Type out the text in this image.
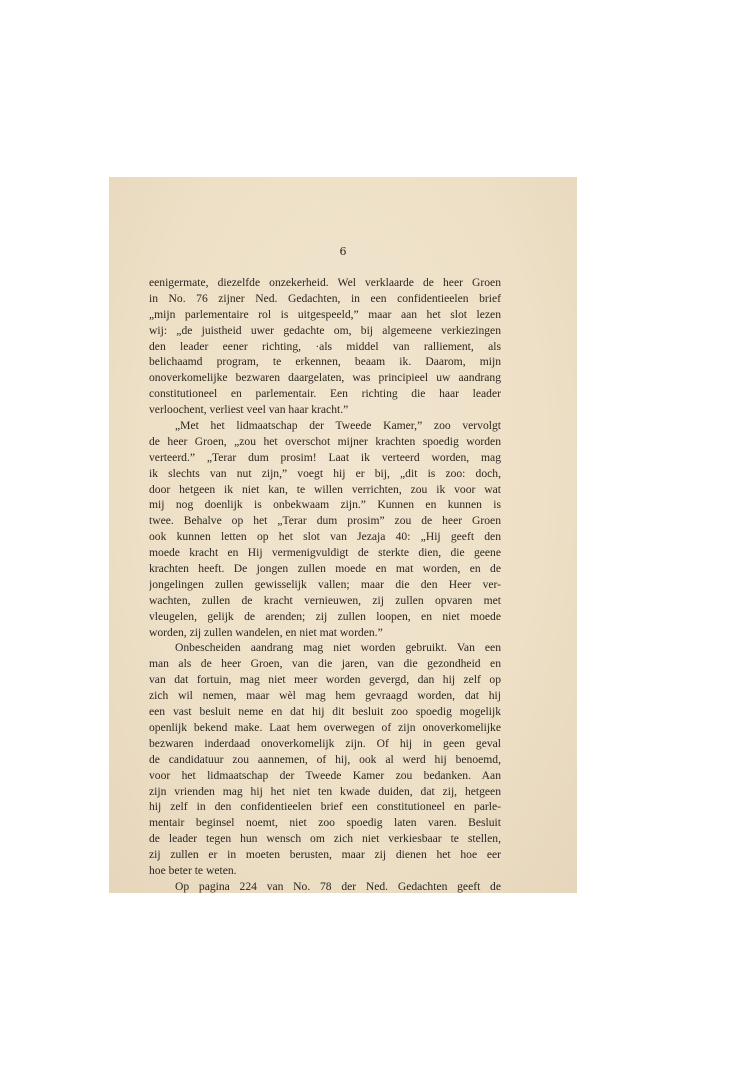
6
eenigermate, diezelfde onzekerheid. Wel verklaarde de heer Groen
in No. 76 zijner Ned. Gedachten, in een confidentieelen brief
„mijn parlementaire rol is uitgespeeld,” maar aan het slot lezen
wij: „de juistheid uwer gedachte om, bij algemeene verkiezingen
den leader eener richting, ·als middel van ralliement, als
belichaamd program, te erkennen, beaam ik. Daarom, mijn
onoverkomelijke bezwaren daargelaten, was principieel uw aandrang
constitutioneel en parlementair. Een richting die haar leader
verloochent, verliest veel van haar kracht.”
„Met het lidmaatschap der Tweede Kamer,” zoo vervolgt
de heer Groen, „zou het overschot mijner krachten spoedig worden
verteerd.” „Terar dum prosim! Laat ik verteerd worden, mag
ik slechts van nut zijn,” voegt hij er bij, „dit is zoo: doch,
door hetgeen ik niet kan, te willen verrichten, zou ik voor wat
mij nog doenlijk is onbekwaam zijn.” Kunnen en kunnen is
twee. Behalve op het „Terar dum prosim” zou de heer Groen
ook kunnen letten op het slot van Jezaja 40: „Hij geeft den
moede kracht en Hij vermenigvuldigt de sterkte dien, die geene
krachten heeft. De jongen zullen moede en mat worden, en de
jongelingen zullen gewisselijk vallen; maar die den Heer ver-
wachten, zullen de kracht vernieuwen, zij zullen opvaren met
vleugelen, gelijk de arenden; zij zullen loopen, en niet moede
worden, zij zullen wandelen, en niet mat worden.”
Onbescheiden aandrang mag niet worden gebruikt. Van een
man als de heer Groen, van die jaren, van die gezondheid en
van dat fortuin, mag niet meer worden gevergd, dan hij zelf op
zich wil nemen, maar wèl mag hem gevraagd worden, dat hij
een vast besluit neme en dat hij dit besluit zoo spoedig mogelijk
openlijk bekend make. Laat hem overwegen of zijn onoverkomelijke
bezwaren inderdaad onoverkomelijk zijn. Of hij in geen geval
de candidatuur zou aannemen, of hij, ook al werd hij benoemd,
voor het lidmaatschap der Tweede Kamer zou bedanken. Aan
zijn vrienden mag hij het niet ten kwade duiden, dat zij, hetgeen
hij zelf in den confidentieelen brief een constitutioneel en parle-
mentair beginsel noemt, niet zoo spoedig laten varen. Besluit
de leader tegen hun wensch om zich niet verkiesbaar te stellen,
zij zullen er in moeten berusten, maar zij dienen het hoe eer
hoe beter te weten.
Op pagina 224 van No. 78 der Ned. Gedachten geeft de
